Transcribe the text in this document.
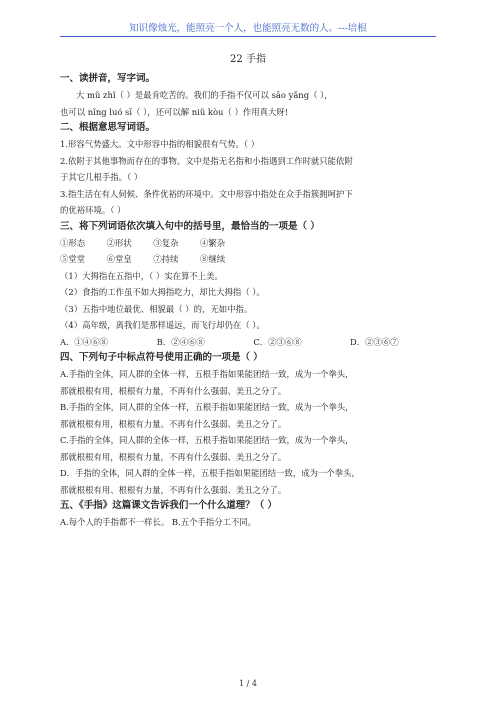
知识像烛光，能照亮一个人，也能照亮无数的人。---培根

22 手指

一、读拼音，写字词。

大 mǔ zhǐ（ ）是最肯吃苦的。我们的手指不仅可以 sāo yǎng（ ），

也可以 nǐng luó sī（ ），还可以解 niǔ kòu（ ）作用真大呀!

二、根据意思写词语。

1.形容气势盛大。文中形容中指的相貌很有气势。（ ）

2.依附于其他事物而存在的事物。文中是指无名指和小指遇到工作时就只能依附

于其它几根手指。（ ）

3.指生活在有人伺候、条件优裕的环境中。文中形容中指处在众手指簇拥呵护下

的优裕环境。（ ）

三、将下列词语依次填入句中的括号里，最恰当的一项是（ ）

①形态	②形状	③复杂	④繁杂

⑤堂堂	⑥堂皇	⑦持续	⑧继续

（1）大拇指在五指中，（ ）实在算不上美。

（2）食指的工作虽不如大拇指吃力，却比大拇指（ ）。

（3）五指中地位最优、相貌最（ ）的，无如中指。

（4）高年级，离我们是那样遥远，而飞行却仍在（ ）。

A．①④⑥⑧	B．②④⑥⑧	C．②③⑥⑧	D．②③⑥⑦

四、下列句子中标点符号使用正确的一项是（ ）

A.手指的全体，同人群的全体一样，五根手指如果能团结一致，成为一个拳头，

那就根根有用，根根有力量，不再有什么强弱、美丑之分了。

B.手指的全体，同人群的全体一样，五根手指如果能团结一致，成为一个拳头，

那就根根有用，根根有力量。不再有什么强弱、美丑之分了。

C.手指的全体，同人群的全体一样，五根手指如果能团结一致，成为一个拳头，

那就根根有用，根根有力量，不再有什么强弱、美丑之分了。

D．手指的全体，同人群的全体一样，五根手指如果能团结一致，成为一个拳头，

那就根根有用、根根有力量，不再有什么强弱、美丑之分了。

五、《手指》这篇课文告诉我们一个什么道理？（ ）

A.每个人的手指都不一样长。 B.五个手指分工不同。

1 / 4
